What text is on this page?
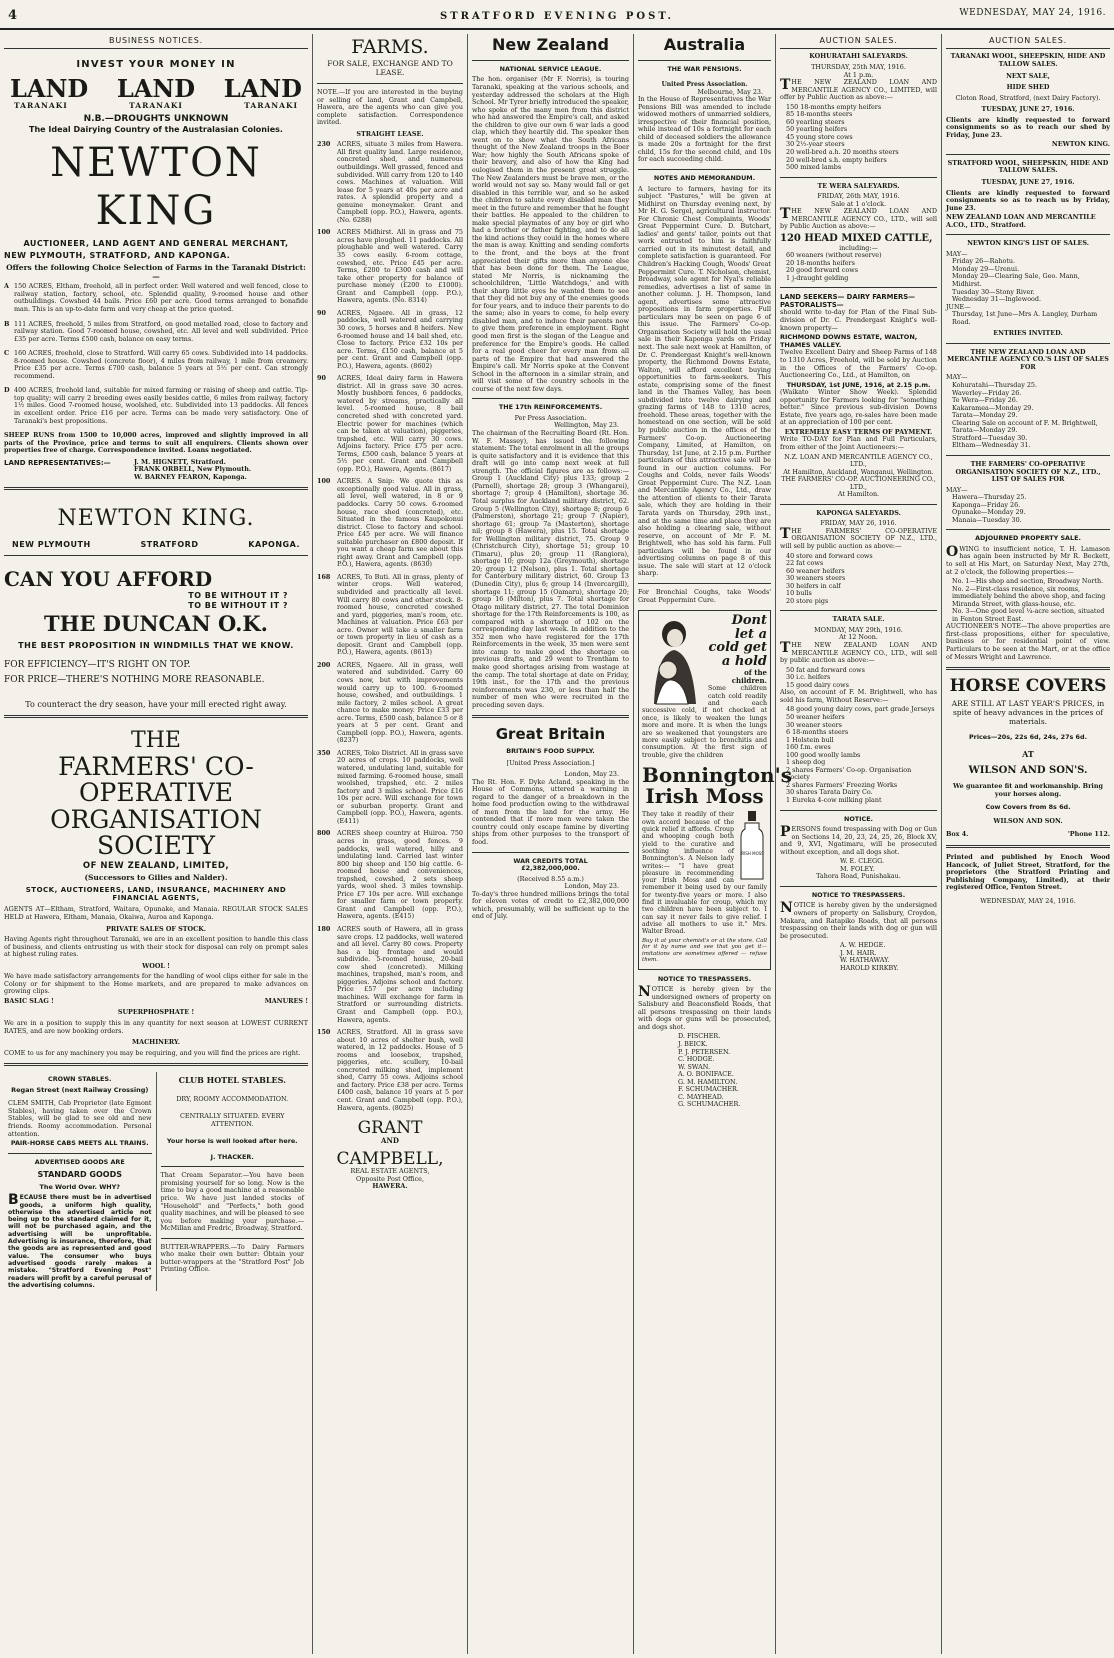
4	STRATFORD EVENING POST.	WEDNESDAY, MAY 24, 1916.
BUSINESS NOTICES.
INVEST YOUR MONEY IN
LAND LAND LAND
TARANAKI	TARANAKI	TARANAKI
N.B.—DROUGHTS UNKNOWN
The Ideal Dairying Country of the Australasian Colonies.
NEWTON KING
AUCTIONEER, LAND AGENT AND GENERAL MERCHANT,
NEW PLYMOUTH, STRATFORD, AND KAPONGA.

Offers the following Choice Selection of Farms in the Taranaki District:—

A 150 ACRES, Eltham, freehold, all in perfect order. Well watered and well fenced, close to railway station, factory, school, etc. Splendid quality, 9-roomed house and other outbuildings. Cowshed 44 bails. Price £60 per acre. Good terms arranged to bonafide man. This is an up-to-date farm and very cheap at the price quoted.

B 111 ACRES, freehold, 5 miles from Stratford, on good metalled road, close to factory and railway station. Good 7-roomed house, cowshed, etc. All level and well subdivided. Price £35 per acre. Terms £500 cash, balance on easy terms.

C 160 ACRES, freehold, close to Stratford. Will carry 65 cows. Subdivided into 14 paddocks. 8-roomed house. Cowshed (concrete floor), 4 miles from railway, 1 mile from creamery. Price £35 per acre. Terms £700 cash, balance 5 years at 5½ per cent. Can strongly recommend.

D 400 ACRES, freehold land, suitable for mixed farming or raising of sheep and cattle. Tip-top quality; will carry 2 breeding ewes easily besides cattle, 6 miles from railway, factory 1½ miles. Good 7-roomed house, woolshed, etc. Subdivided into 13 paddocks. All fences in excellent order. Price £16 per acre. Terms can be made very satisfactory. One of Taranaki's best propositions.

SHEEP RUNS from 1500 to 10,000 acres, improved and slightly improved in all parts of the Province, price and terms to suit all enquirers. Clients shown over properties free of charge. Correspondence invited. Loans negotiated.

LAND REPRESENTATIVES:—	J. M. HIGNETT, Stratford.
FRANK ORBELL, New Plymouth.
W. BARNEY FEARON, Kaponga.
NEWTON KING.
NEW PLYMOUTH	STRATFORD	KAPONGA.
CAN YOU AFFORD
TO BE WITHOUT IT ?
TO BE WITHOUT IT ?
THE DUNCAN O.K.
THE BEST PROPOSITION IN WINDMILLS THAT WE KNOW.
FOR EFFICIENCY—IT'S RIGHT ON TOP.
FOR PRICE—THERE'S NOTHING MORE REASONABLE.
To counteract the dry season, have your mill erected right away.
THE
FARMERS' CO-OPERATIVE ORGANISATION SOCIETY
OF NEW ZEALAND, LIMITED,
(Successors to Gilies and Nalder).
STOCK, AUCTIONEERS, LAND, INSURANCE, MACHINERY AND FINANCIAL AGENTS,

AGENTS AT—Eltham, Stratford, Waitara, Opunake, and Manaia. REGULAR STOCK SALES HELD at Hawera, Eltham, Manaia, Okaiwa, Auroa and Kaponga.

PRIVATE SALES OF STOCK.

Having Agents right throughout Taranaki, we are in an excellent position to handle this class of business, and clients entrusting us with their stock for disposal can rely on prompt sales at highest ruling rates.

WOOL !

We have made satisfactory arrangements for the handling of wool clips either for sale in the Colony or for shipment to the Home markets, and are prepared to make advances on growing clips.

BASIC SLAG !	MANURES !
SUPERPHOSPHATE !

We are in a position to supply this in any quantity for next season at LOWEST CURRENT RATES, and are now booking orders.

MACHINERY.

COME to us for any machinery you may be requiring, and you will find the prices are right.

CROWN STABLES.
Regan Street (next Railway Crossing)

CLEM SMITH, Cab Proprietor (late Egmont Stables), having taken over the Crown Stables, will be glad to see old and new friends. Roomy accommodation. Personal attention.

PAIR-HORSE CABS MEETS ALL TRAINS.
ADVERTISED GOODS ARE
STANDARD GOODS
The World Over. WHY?

BECAUSE there must be in advertised goods, a uniform high quality, otherwise the advertised article not being up to the standard claimed for it, will not be purchased again, and the advertising will be unprofitable. Advertising is insurance, therefore, that the goods are as represented and good value. The consumer who buys advertised goods rarely makes a mistake. "Stratford Evening Post" readers will profit by a careful perusal of the advertising columns.

CLUB HOTEL STABLES.
DRY, ROOMY ACCOMMODATION.
CENTRALLY SITUATED. EVERY ATTENTION.
Your horse is well looked after here.
J. THACKER.

That Cream Separator.—You have been promising yourself for so long. Now is the time to buy a good machine at a reasonable price. We have just landed stocks of "Household" and "Perfects," both good quality machines, and will be pleased to see you before making your purchase.—McMillan and Fredric, Broadway, Stratford.

BUTTER-WRAPPERS.—To Dairy Farmers who make their own butter: Obtain your butter-wrappers at the "Stratford Post" Job Printing Office.

FARMS.
FOR SALE, EXCHANGE AND TO LEASE.

NOTE.—If you are interested in the buying or selling of land, Grant and Campbell, Hawera, are the agents who can give you complete satisfaction. Correspondence invited.

STRAIGHT LEASE.
230	ACRES, situate 3 miles from Hawera. All first quality land. Large residence, concreted shed, and numerous outbuildings. Well grassed, fenced and subdivided. Will carry from 120 to 140 cows. Machines at valuation. Will lease for 5 years at 40s per acre and rates. A splendid property and a genuine moneymaker. Grant and Campbell (opp. P.O.), Hawera, agents. (No. 6288)

100	ACRES Midhirst. All in grass and 75 acres have ploughed. 11 paddocks. All ploughable and well watered. Carry 35 cows easily. 6-room cottage, cowshed, etc. Price £45 per acre. Terms, £200 to £300 cash and will take other property for balance of purchase money (£200 to £1000). Grant and Campbell (opp. P.O.), Hawera, agents. (No. 8314)

90	ACRES, Ngaere. All in grass, 12 paddocks, well watered and carrying 30 cows, 5 horses and 8 heifers. New 6-roomed house and 14 bail shed, etc. Close to factory. Price £32 10s per acre. Terms, £150 cash, balance at 5 per cent. Grant and Campbell (opp. P.O.), Hawera, agents. (8602)

90	ACRES, Ideal dairy farm in Hawera district. All in grass save 30 acres. Mostly bushborn fences, 6 paddocks, watered by streams, practically all level. 5-roomed house, 8 bail concreted shed with concreted yard. Electric power for machines (which can be taken at valuation), piggeries, trapshed, etc. Will carry 30 cows. Adjoins factory. Price £75 per acre. Terms, £500 cash, balance 5 years at 5½ per cent. Grant and Campbell (opp. P.O.), Hawera, Agents. (8617)

100	ACRES. A Snip: We quote this as exceptionally good value. All in grass, all level, well watered, in 8 or 9 paddocks. Carry 50 cows. 6-roomed house, race shed (concreted), etc. Situated in the famous Kaupokonui district. Close to factory and school. Price £45 per acre. We will finance suitable purchaser on £800 deposit. If you want a cheap farm see about this right away. Grant and Campbell (opp. P.O.), Hawera, agents. (8630)

168	ACRES, To Buti. All in grass, plenty of winter crops. Well watered, subdivided and practically all level. Will carry 80 cows and other stock. 8-roomed house, concreted cowshed and yard, piggeries, man's room, etc. Machines at valuation. Price £63 per acre. Owner will take a smaller farm or town property in lieu of cash as a deposit. Grant and Campbell (opp. P.O.), Hawera, agents. (8613)

200	ACRES, Ngaere. All in grass, well watered and subdivided. Carry 60 cows now, but with improvements would carry up to 100. 6-roomed house, cowshed, and outbuildings. 1 mile factory, 2 miles school. A great chance to make money. Price £33 per acre. Terms, £500 cash, balance 5 or 8 years at 5 per cent. Grant and Campbell (opp. P.O.), Hawera, agents. (8237)

350	ACRES, Toko District. All in grass save 20 acres of crops. 10 paddocks, well watered, undulating land, suitable for mixed farming. 6-roomed house, small woolshed, trapshed, etc. 2 miles factory and 3 miles school. Price £16 10s per acre. Will exchange for town or suburban property. Grant and Campbell (opp. P.O.), Hawera, agents. (E411)

800	ACRES sheep country at Huiroa. 750 acres in grass, good fences. 9 paddocks, well watered, hilly and undulating land. Carried last winter 800 big sheep and 150 big cattle. 6-roomed house and conveniences, trapshed, cowshed, 2 sets sheep yards, wool shed. 3 miles township. Price £7 10s per acre. Will exchange for smaller farm or town property. Grant and Campbell (opp. P.O.), Hawera, agents. (E415)

180	ACRES south of Hawera, all in grass save crops. 12 paddocks, well watered and all level. Carry 80 cows. Property has a big frontage and would subdivide. 5-roomed house, 20-bail cow shed (concreted). Milking machines, trapshed, man's room, and piggeries. Adjoins school and factory. Price £57 per acre including machines. Will exchange for farm in Stratford or surrounding districts. Grant and Campbell (opp. P.O.), Hawera, agents.

150	ACRES, Stratford. All in grass save about 10 acres of shelter bush, well watered, in 12 paddocks. House of 5 rooms and loosebox, trapshed, piggeries, etc. scullery, 10-bail concreted milking shed, implement shed, Carry 55 cows. Adjoins school and factory. Price £38 per acre. Terms £400 cash, balance 10 years at 5 per cent. Grant and Campbell (opp. P.O.), Hawera, agents. (8025)

GRANT
AND
CAMPBELL,
REAL ESTATE AGENTS,
Opposite Post Office,
HAWERA.
New Zealand
NATIONAL SERVICE LEAGUE.

The hon. organiser (Mr F. Norris), is touring Taranaki, speaking at the various schools, and yesterday addressed the scholars at the High School. Mr Tyrer briefly introduced the speaker, who spoke of the many men from this district who had answered the Empire's call, and asked the children to give our own 6 war lads a good clap, which they heartily did. The speaker then went on to show what the South Africans thought of the New Zealand troops in the Boer War; how highly the South Africans spoke of their bravery, and also of how the King had eulogised them in the present great struggle. The New Zealanders must be brave men, or the world would not say so. Many would fall or get disabled in this terrible war, and so he asked the children to salute every disabled man they meet in the future and remember that he fought their battles. He appealed to the children to make special playmates of any boy or girl who had a brother or father fighting, and to do all the kind actions they could in the homes where the man is away. Knitting and sending comforts to the front, and the boys at the front appreciated their gifts more than anyone else that has been done for them. The League, stated Mr Norris, is nicknaming the schoolchildren, 'Little Watchdogs,' and with their sharp little eyes he wanted them to see that they did not buy any of the enemies goods for four years, and to induce their parents to do the same; also in years to come, to help every disabled man, and to induce their parents now to give them preference in employment. Right good men first is the slogan of the League and preference for the Empire's goods. He called for a real good cheer for every man from all parts of the Empire that had answered the Empire's call. Mr Norris spoke at the Convent School in the afternoon in a similar strain, and will visit some of the country schools in the course of the next few days.

THE 17th REINFORCEMENTS.
Per Press Association.
Wellington, May 23.

The chairman of the Recruiting Board (Rt. Hon. W. F. Massey), has issued the following statement: The total enrolment in all the groups is quite satisfactory and it is evidence that this draft will go into camp next week at full strength. The official figures are as follows:— Group 1 (Auckland City) plus 133; group 2 (Parnell), shortage 28; group 3 (Whangarei), shortage 7; group 4 (Hamilton), shortage 36. Total surplus for Auckland military district, 62. Group 5 (Wellington City), shortage 8; group 6 (Palmerston), shortage 21; group 7 (Napier), shortage 61; group 7a (Masterton), shortage nil; group 8 (Hawera), plus 15. Total shortage for Wellington military district, 75. Group 9 (Christchurch City), shortage 51; group 10 (Timaru), plus 20; group 11 (Rangiora), shortage 10; group 12a (Greymouth), shortage 20; group 12 (Nelson), plus 1. Total shortage for Canterbury military district, 60. Group 13 (Dunedin City), plus 6; group 14 (Invercargill), shortage 11; group 15 (Oamaru), shortage 20; group 16 (Milton), plus 7. Total shortage for Otago military district, 27. The total Dominion shortage for the 17th Reinforcements is 100, as compared with a shortage of 102 on the corresponding day last week. In addition to the 352 men who have registered for the 17th Reinforcements in the week, 35 men were sent into camp to make good the shortage on previous drafts, and 29 went to Trentham to make good shortages arising from wastage at the camp. The total shortage at date on Friday, 19th inst., for the 17th and the previous reinforcements was 230, or less than half the number of men who were recruited in the preceding seven days.

Great Britain
BRITAIN'S FOOD SUPPLY.
[United Press Association.]
London, May 23.

The Rt. Hon. F. Dyke Acland, speaking in the House of Commons, uttered a warning in regard to the danger of a breakdown in the home food production owing to the withdrawal of men from the land for the army. He contended that if more men were taken the country could only escape famine by diverting ships from other purposes to the transport of food.

WAR CREDITS TOTAL £2,382,000,000.
(Received 8.55 a.m.)
London, May 23.

To-day's three hundred millions brings the total for eleven votes of credit to £2,382,000,000 which, presumably, will be sufficient up to the end of July.

Australia
THE WAR PENSIONS.
United Press Association.
Melbourne, May 23.

In the House of Representatives the War Pensions Bill was amended to include widowed mothers of unmarried soldiers, irrespective of their financial position, while instead of 10s a fortnight for each child of deceased soldiers the allowance is made 20s a fortnight for the first child, 15s for the second child, and 10s for each succeeding child.

NOTES AND MEMORANDUM.

A lecture to farmers, having for its subject "Pastures," will be given at Midhirst on Thursday evening next, by Mr H. G. Sergel, agricultural instructor. For Chronic Chest Complaints, Woods' Great Peppermint Cure. D. Butchart, ladies' and gents' tailor, points out that work entrusted to him is faithfully carried out in its minutest detail, and complete satisfaction is guaranteed. For Children's Hacking Cough, Woods' Great Peppermint Cure. T. Nicholson, chemist, Broadway, sole agent for Nyal's reliable remedies, advertises a list of same in another column. J. H. Thompson, land agent, advertises some attractive propositions in farm properties. Full particulars may be seen on page 6 of this issue. The Farmers' Co-op. Organisation Society will hold the usual sale in their Kaponga yards on Friday next. The sale next week at Hamilton, of Dr. C. Prendergast Knight's well-known property, the Richmond Downs Estate, Walton, will afford excellent buying opportunities to farm-seekers. This estate, comprising some of the finest land in the Thames Valley, has been subdivided into twelve dairying and grazing farms of 148 to 1310 acres, freehold. These areas, together with the homestead on one section, will be sold by public auction in the offices of the Farmers' Co-op. Auctioneering Company, Limited, at Hamilton, on Thursday, 1st June, at 2.15 p.m. Further particulars of this attractive sale will be found in our auction columns. For Coughs and Colds, never fails Woods' Great Peppermint Cure. The N.Z. Loan and Mercantile Agency Co., Ltd., draw the attention of clients to their Tarata sale, which they are holding in their Tarata yards on Thursday, 29th inst., and at the same time and place they are also holding a clearing sale, without reserve, on account of Mr F. M. Brightwell, who has sold his farm. Full particulars will be found in our advertising columns on page 8 of this issue. The sale will start at 12 o'clock sharp.

For Bronchial Coughs, take Woods' Great Peppermint Cure.

Dont let a cold get a hold
of the children.

Some children catch cold readily and each successive cold, if not checked at once, is likely to weaken the lungs more and more. It is when the lungs are so weakened that youngsters are more easily subject to bronchitis and consumption. At the first sign of trouble, give the children

Bonnington's Irish Moss
IRISH MOSS

They take it readily of their own accord because of the quick relief it affords. Croup and whooping cough both yield to the curative and soothing influence of Bonnington's. A Nelson lady writes:— "I have great pleasure in recommending your Irish Moss and can remember it being used by our family for twenty-five years or more. I also find it invaluable for croup, which my two children have been subject to. I can say it never fails to give relief. I advise all mothers to use it." Mrs. Walter Broad.

Buy it at your chemist's or at the store. Call for it by name and see that you get it—imitations are sometimes offered — refuse them.

NOTICE TO TRESPASSERS.

NOTICE is hereby given by the undersigned owners of property on Salisbury and Beaconsfield Roads, that all persons trespassing on their lands with dogs or guns will be prosecuted, and dogs shot.

D. FISCHER.
J. BEICK.
P. J. PETERSEN.
C. HODGE.
W. SWAN.
A. O. BONIFACE.
G. M. HAMILTON.
F. SCHUMACHER.
C. MAYHEAD.
G. SCHUMACHER.
AUCTION SALES.
KOHURATAHI SALEYARDS.
THURSDAY, 25th MAY, 1916.
At 1 p.m.

THE NEW ZEALAND LOAN AND MERCANTILE AGENCY CO., LIMITED, will offer by Public Auction as above:—

150 18-months empty heifers
85 18-months steers
60 yearling steers
50 yearling heifers
45 young store cows
30 2½-year steers
20 well-bred a.h. 20 months steers
20 well-bred s.h. empty heifers
500 mixed lambs
TE WERA SALEYARDS.
FRIDAY, 26th MAY, 1916.
Sale at 1 o'clock.

THE NEW ZEALAND LOAN AND MERCANTILE AGENCY CO., LTD., will sell by Public Auction as above:—

120 HEAD MIXED CATTLE,
including:—
60 weaners (without reserve)
20 18-months heifers
20 good forward cows
1 j-draught gelding
LAND SEEKERS— DAIRY FARMERS— PASTORALISTS—

should write to-day for Plan of the Final Sub-division of Dr. C. Prendergast Knight's well-known property—

RICHMOND DOWNS ESTATE, WALTON, THAMES VALLEY.

Twelve Excellent Dairy and Sheep Farms of 148 to 1310 Acres, Freehold, will be sold by Auction in the Offices of the Farmers' Co-op. Auctioneering Co., Ltd., at Hamilton, on

THURSDAY, 1st JUNE, 1916, at 2.15 p.m.

(Waikato Winter Show Week). Splendid opportunity for Farmers looking for "something better." Since previous sub-division Downs Estate, five years ago, re-sales have been made at an appreciation of 100 per cent.

EXTREMELY EASY TERMS OF PAYMENT.

Write TO-DAY for Plan and Full Particulars, from either of the Joint Auctioneers:—

N.Z. LOAN AND MERCANTILE AGENCY CO., LTD.,
At Hamilton, Auckland, Wanganui, Wellington.
THE FARMERS' CO-OP. AUCTIONEERING CO., LTD.,
At Hamilton.
KAPONGA SALEYARDS.
FRIDAY, MAY 26, 1916.

THE FARMERS' CO-OPERATIVE ORGANISATION SOCIETY OF N.Z., LTD., will sell by public auction as above:—

40 store and forward cows
22 fat cows
60 weaner heifers
30 weaners steers
30 heifers in calf
10 bulls
20 store pigs
TARATA SALE.
MONDAY, MAY 29th, 1916.
At 12 Noon.

THE NEW ZEALAND LOAN AND MERCANTILE AGENCY CO., LTD., will sell by public auction as above:—

50 fat and forward cows
30 i.c. heifers
15 good dairy cows

Also, on account of F. M. Brightwell, who has sold his farm, Without Reserve:—

48 good young dairy cows, part grade Jerseys
50 weaner heifers
30 weaner steers
6 18-months steers
1 Holstein bull
160 f.m. ewes
100 good woolly lambs
1 sheep dog
2 shares Farmers' Co-op. Organisation Society
2 shares Farmers' Freezing Works
30 shares Tarata Dairy Co.
1 Eureka 4-cow milking plant
NOTICE.

PERSONS found trespassing with Dog or Gun on Sections 14, 20, 23, 24, 25, 26, Block XV, and 9, XVI, Ngatimaru, will be prosecuted without exception, and all dogs shot.

W. E. CLEGG.
M. FOLEY.
Tahora Road, Punishakau.
NOTICE TO TRESPASSERS.

NOTICE is hereby given by the undersigned owners of property on Salisbury, Croydon, Makara, and Ratapiko Roads, that all persons trespassing on their lands with dog or gun will be prosecuted.

A. W. HEDGE.
J. M. HAIR.
W. HATHAWAY.
HAROLD KIRKBY.
AUCTION SALES.
TARANAKI WOOL, SHEEPSKIN, HIDE AND TALLOW SALES.
NEXT SALE,
HIDE SHED
Cloton Road, Stratford, (next Dairy Factory).
TUESDAY, JUNE 27, 1916.

Clients are kindly requested to forward consignments so as to reach our shed by Friday, June 23.

NEWTON KING.
STRATFORD WOOL, SHEEPSKIN, HIDE AND TALLOW SALES.
TUESDAY, JUNE 27, 1916.

Clients are kindly requested to forward consignments so as to reach us by Friday, June 23.

NEW ZEALAND LOAN AND MERCANTILE A.CO., LTD., Stratford.
NEWTON KING'S LIST OF SALES.
MAY—
Friday 26—Rahotu.
Monday 29—Urenui.
Monday 29—Clearing Sale, Geo. Mann, Midhirst.
Tuesday 30—Stony River.
Wednesday 31—Inglewood.
JUNE—
Thursday, 1st June—Mrs A. Langley, Durham Road.
ENTRIES INVITED.
THE NEW ZEALAND LOAN AND MERCANTILE AGENCY CO.'S LIST OF SALES FOR
MAY—
Kohuratahi—Thursday 25.
Waverley—Friday 26.
Te Wera—Friday 26.
Kakaramea—Monday 29.
Tarata—Monday 29.
Clearing Sale on account of F. M. Brightwell, Tarata—Monday 29.
Stratford—Tuesday 30.
Eltham—Wednesday 31.
THE FARMERS' CO-OPERATIVE ORGANISATION SOCIETY OF N.Z., LTD., LIST OF SALES FOR
MAY—
Hawera—Thursday 25.
Kaponga—Friday 26.
Opunake—Monday 29.
Manaia—Tuesday 30.
ADJOURNED PROPERTY SALE.

OWING to insufficient notice, T. H. Lamason has again been instructed by Mr R. Beckett, to sell at His Mart, on Saturday Next, May 27th, at 2 o'clock, the following properties:—

No. 1—His shop and section, Broadway North.
No. 2—First-class residence, six rooms, immediately behind the above shop, and facing Miranda Street, with glass-house, etc.
No. 3—One good level ¼-acre section, situated in Fenton Street East.

AUCTIONEER'S NOTE—The above properties are first-class propositions, either for speculative, business or for residential point of view. Particulars to be seen at the Mart, or at the office of Messrs Wright and Lawrence.

HORSE COVERS

ARE STILL AT LAST YEAR'S PRICES, in spite of heavy advances in the prices of materials.

Prices—20s, 22s 6d, 24s, 27s 6d.
AT
WILSON AND SON'S.

We guarantee fit and workmanship. Bring your horses along.

Cow Covers from 8s 6d.
WILSON AND SON.
Box 4.	'Phone 112.

Printed and published by Enoch Wood Hancock, of Juliet Street, Stratford, for the proprietors (the Stratford Printing and Publishing Company, Limited), at their registered Office, Fenton Street.

WEDNESDAY, MAY 24, 1916.
